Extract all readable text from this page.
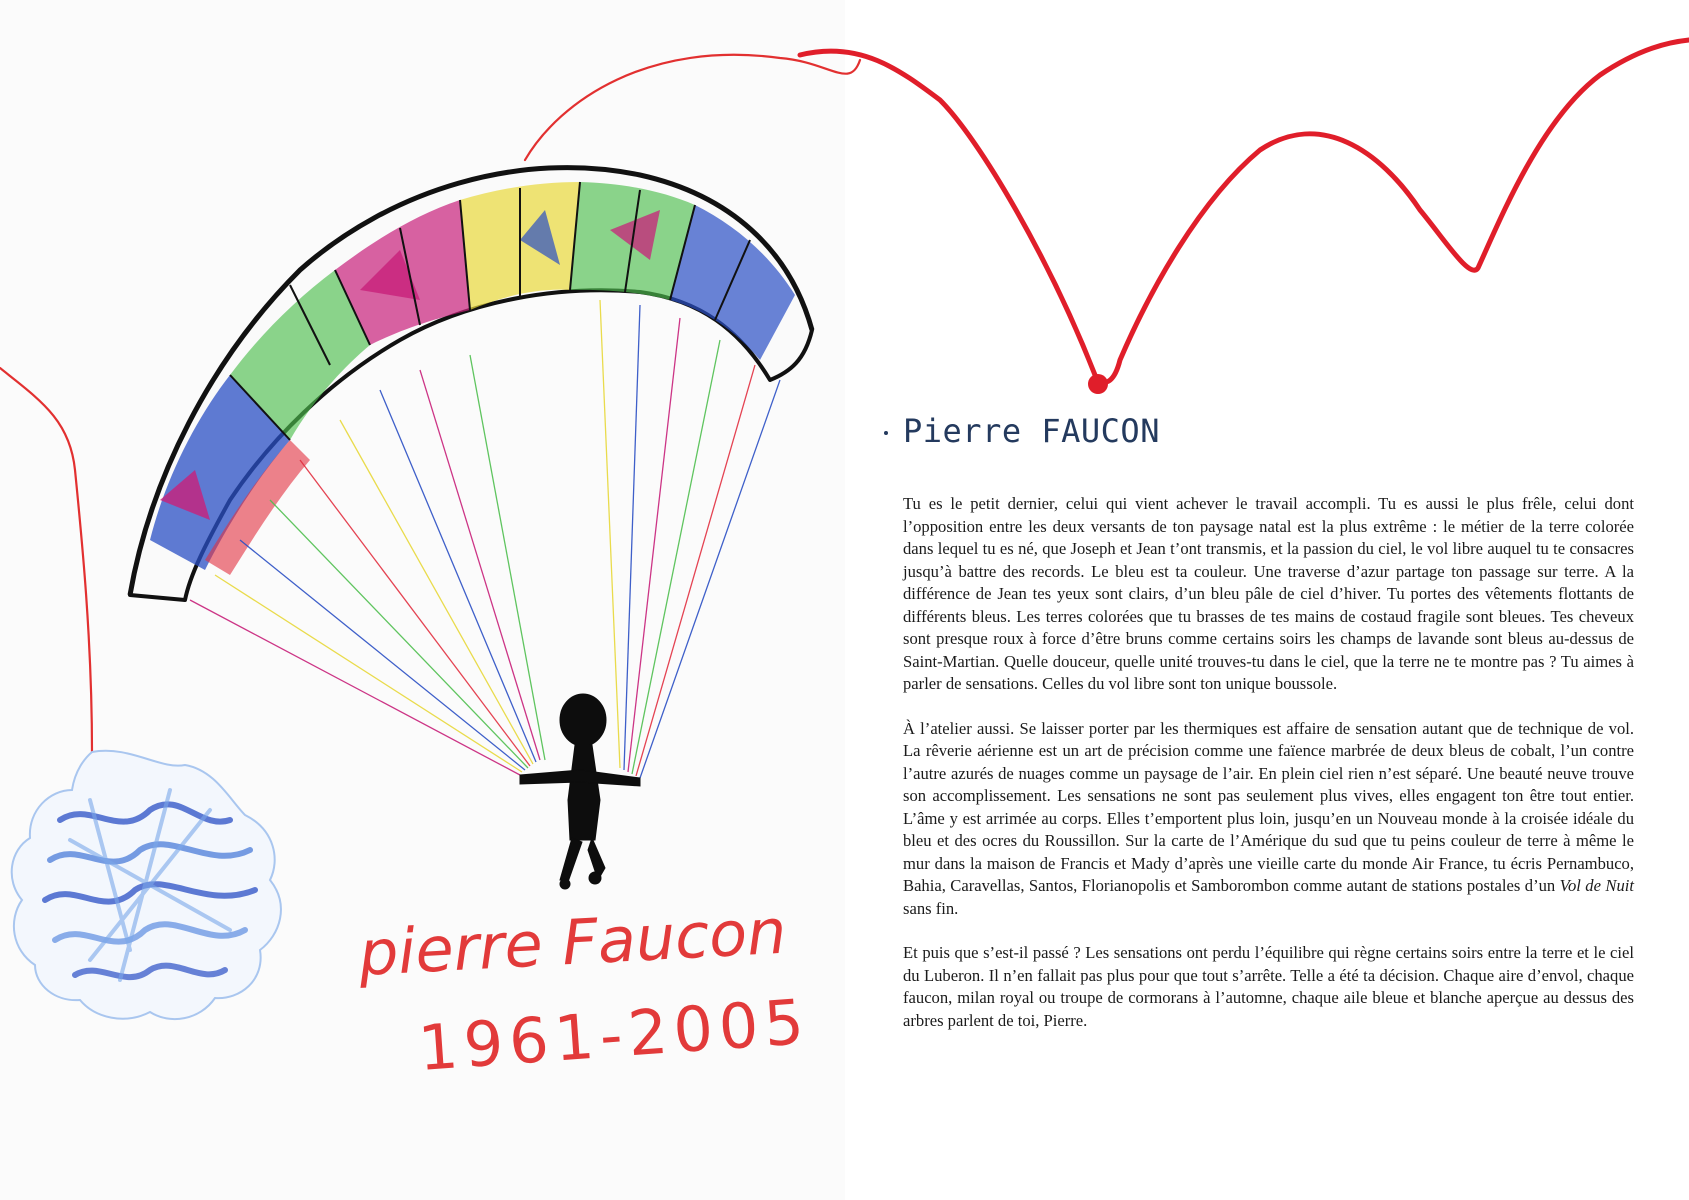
pierre Faucon
1961-2005
Pierre FAUCON

Tu es le petit dernier, celui qui vient achever le travail accompli. Tu es aussi le plus frêle, celui dont l’opposition entre les deux versants de ton paysage natal est la plus extrême : le métier de la terre colorée dans lequel tu es né, que Joseph et Jean t’ont transmis, et la passion du ciel, le vol libre auquel tu te consacres jusqu’à battre des records. Le bleu est ta couleur. Une traverse d’azur partage ton passage sur terre. A la différence de Jean tes yeux sont clairs, d’un bleu pâle de ciel d’hiver. Tu portes des vêtements flottants de différents bleus. Les terres colorées que tu brasses de tes mains de costaud fragile sont bleues. Tes cheveux sont presque roux à force d’être bruns comme certains soirs les champs de lavande sont bleus au-dessus de Saint-Martian. Quelle douceur, quelle unité trouves-tu dans le ciel, que la terre ne te montre pas ? Tu aimes à parler de sensations. Celles du vol libre sont ton unique boussole.

À l’atelier aussi. Se laisser porter par les thermiques est affaire de sensation autant que de technique de vol. La rêverie aérienne est un art de précision comme une faïence marbrée de deux bleus de cobalt, l’un contre l’autre azurés de nuages comme un paysage de l’air. En plein ciel rien n’est séparé. Une beauté neuve trouve son accomplissement. Les sensations ne sont pas seulement plus vives, elles engagent ton être tout entier. L’âme y est arrimée au corps. Elles t’emportent plus loin, jusqu’en un Nouveau monde à la croisée idéale du bleu et des ocres du Roussillon. Sur la carte de l’Amérique du sud que tu peins couleur de terre à même le mur dans la maison de Francis et Mady d’après une vieille carte du monde Air France, tu écris Pernambuco, Bahia, Caravellas, Santos, Florianopolis et Samborombon comme autant de stations postales d’un Vol de Nuit sans fin.

Et puis que s’est-il passé ? Les sensations ont perdu l’équilibre qui règne certains soirs entre la terre et le ciel du Luberon. Il n’en fallait pas plus pour que tout s’arrête. Telle a été ta décision. Chaque aire d’envol, chaque faucon, milan royal ou troupe de cormorans à l’automne, chaque aile bleue et blanche aperçue au dessus des arbres parlent de toi, Pierre.
